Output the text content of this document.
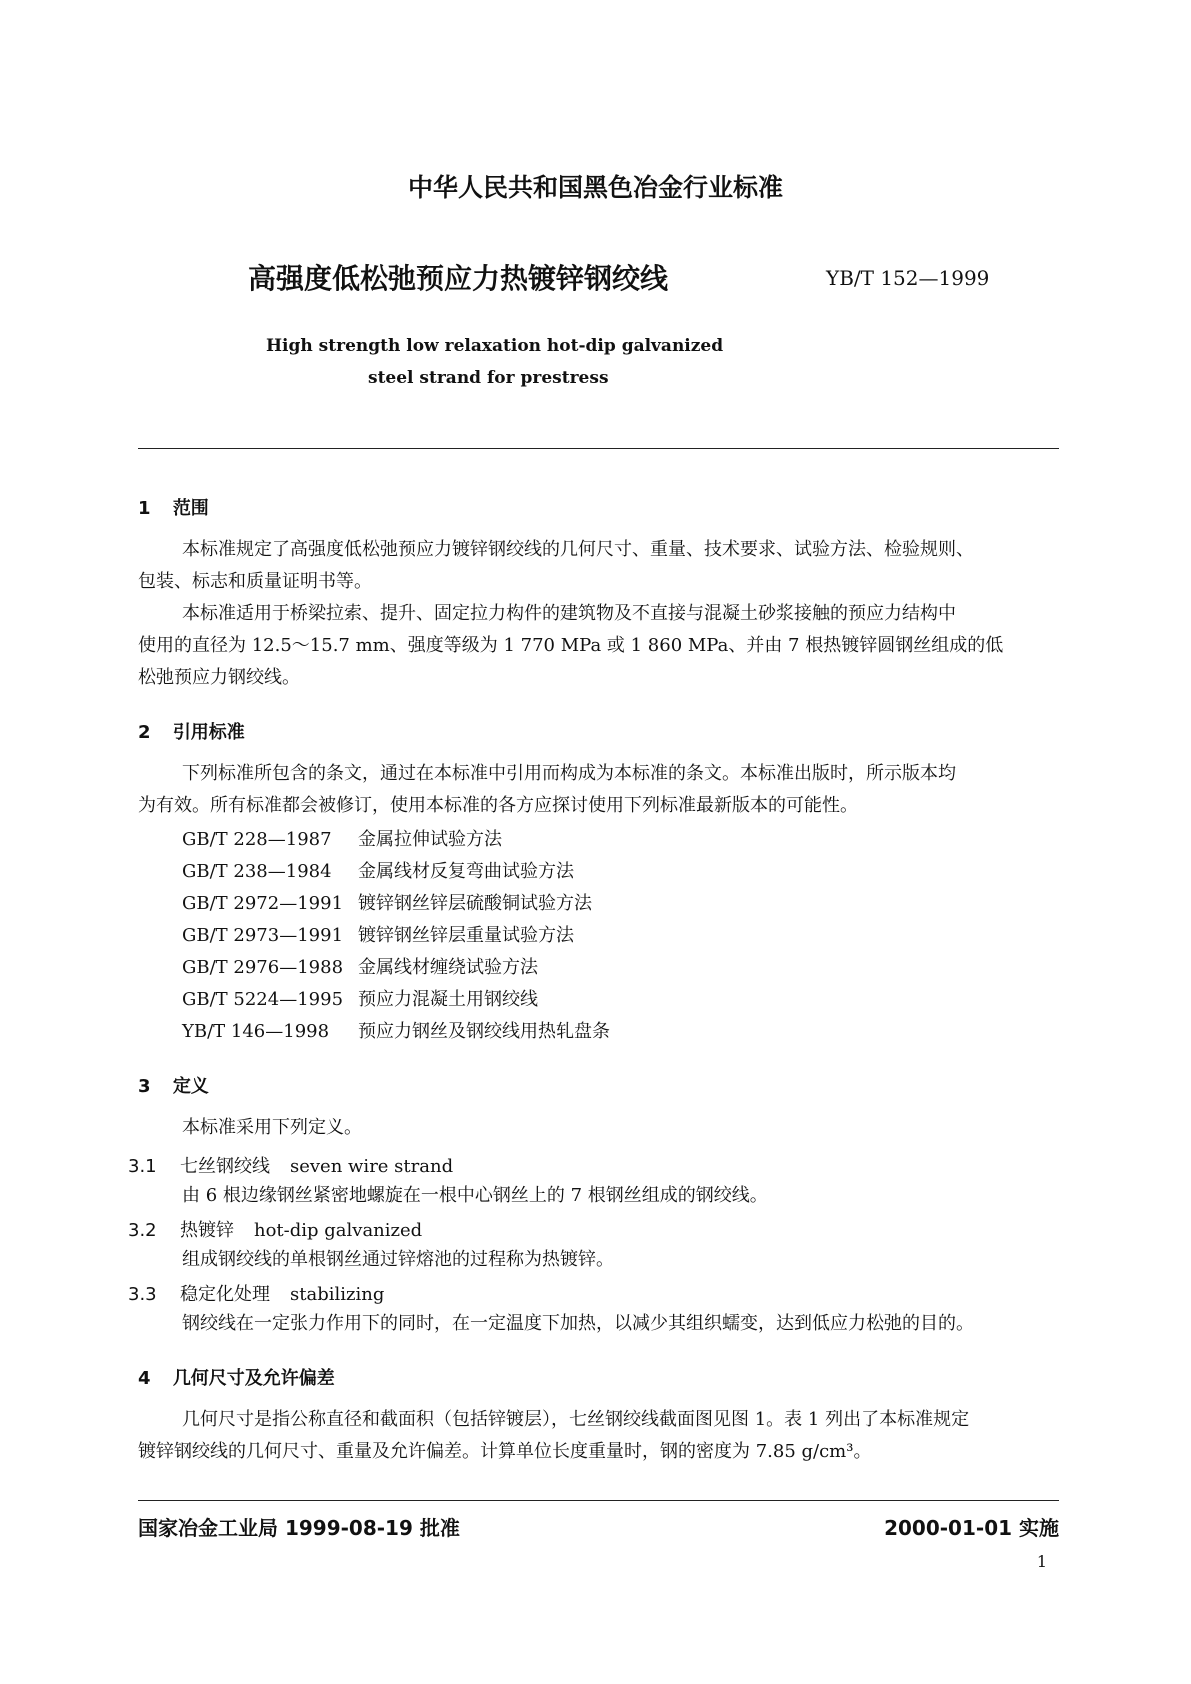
中华人民共和国黑色冶金行业标准
高强度低松弛预应力热镀锌钢绞线	YB/T 152—1999
High strength low relaxation hot-dip galvanized
steel strand for prestress
1 范围
本标准规定了高强度低松弛预应力镀锌钢绞线的几何尺寸、重量、技术要求、试验方法、检验规则、
包装、标志和质量证明书等。
本标准适用于桥梁拉索、提升、固定拉力构件的建筑物及不直接与混凝土砂浆接触的预应力结构中
使用的直径为 12.5～15.7 mm、强度等级为 1 770 MPa 或 1 860 MPa、并由 7 根热镀锌圆钢丝组成的低
松弛预应力钢绞线。
2 引用标准
下列标准所包含的条文，通过在本标准中引用而构成为本标准的条文。本标准出版时，所示版本均
为有效。所有标准都会被修订，使用本标准的各方应探讨使用下列标准最新版本的可能性。
GB/T 228—1987 金属拉伸试验方法
GB/T 238—1984 金属线材反复弯曲试验方法
GB/T 2972—1991 镀锌钢丝锌层硫酸铜试验方法
GB/T 2973—1991 镀锌钢丝锌层重量试验方法
GB/T 2976—1988 金属线材缠绕试验方法
GB/T 5224—1995 预应力混凝土用钢绞线
YB/T 146—1998 预应力钢丝及钢绞线用热轧盘条
3 定义
本标准采用下列定义。
3.1 七丝钢绞线 seven wire strand
由 6 根边缘钢丝紧密地螺旋在一根中心钢丝上的 7 根钢丝组成的钢绞线。
3.2 热镀锌 hot-dip galvanized
组成钢绞线的单根钢丝通过锌熔池的过程称为热镀锌。
3.3 稳定化处理 stabilizing
钢绞线在一定张力作用下的同时，在一定温度下加热，以减少其组织蠕变，达到低应力松弛的目的。
4 几何尺寸及允许偏差
几何尺寸是指公称直径和截面积（包括锌镀层），七丝钢绞线截面图见图 1。表 1 列出了本标准规定
镀锌钢绞线的几何尺寸、重量及允许偏差。计算单位长度重量时，钢的密度为 7.85 g/cm³。
国家冶金工业局 1999-08-19 批准	2000-01-01 实施
1
